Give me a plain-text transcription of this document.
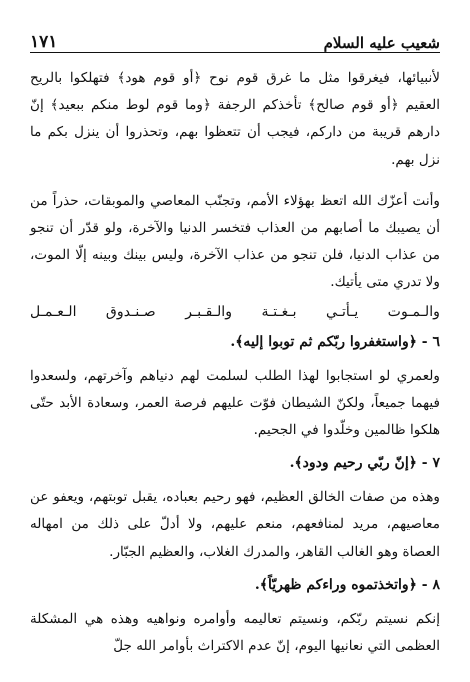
شعيب عليه السلام
١٧١

لأنبيائها، فيغرقوا مثل ما غرق قوم نوح ﴿أو قوم هود﴾ فتهلكوا بالريح العقيم ﴿أو قوم صالح﴾ تأخذكم الرجفة ﴿وما قوم لوط منكم ببعيد﴾ إنّ دارهم قريبة من داركم، فيجب أن تتعظوا بهم، وتحذروا أن ينزل بكم ما نزل بهم.

وأنت أعزّك الله اتعظ بهؤلاء الأمم، وتجنّب المعاصي والموبقات، حذراً من أن يصيبك ما أصابهم من العذاب فتخسر الدنيا والآخرة، ولو قدّر أن تنجو من عذاب الدنيا، فلن تنجو من عذاب الآخرة، وليس بينك وبينه إلّا الموت، ولا تدري متى يأتيك.

والـمـوت يـأتـي بـغـتـة والـقـبـر صـنـدوق الـعـمـل

٦ - ﴿واستغفروا ربّكم ثم توبوا إليه﴾.

ولعمري لو استجابوا لهذا الطلب لسلمت لهم دنياهم وآخرتهم، ولسعدوا فيهما جميعاً، ولكنّ الشيطان فوّت عليهم فرصة العمر، وسعادة الأبد حتّى هلكوا ظالمين وخلّدوا في الجحيم.

٧ - ﴿إنّ ربّي رحيم ودود﴾.

وهذه من صفات الخالق العظيم، فهو رحيم بعباده، يقبل توبتهم، ويعفو عن معاصيهم، مريد لمنافعهم، منعم عليهم، ولا أدلّ على ذلك من امهاله العصاة وهو الغالب القاهر، والمدرك الغلاب، والعظيم الجبّار.

٨ - ﴿واتخذتموه وراءكم ظهريّاً﴾.

إنكم نسيتم ربّكم، ونسيتم تعاليمه وأوامره ونواهيه وهذه هي المشكلة العظمى التي نعانيها اليوم، إنّ عدم الاكتراث بأوامر الله جلّ
